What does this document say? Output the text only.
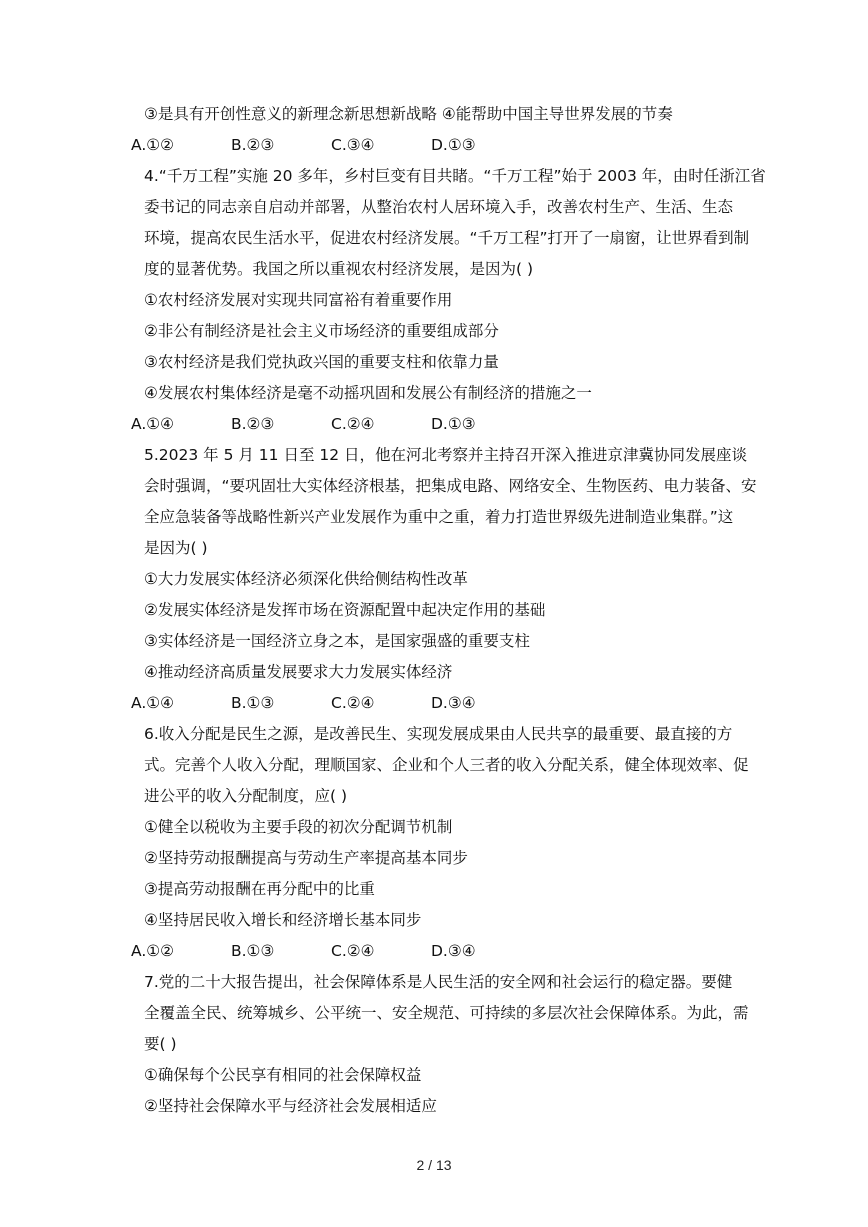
③是具有开创性意义的新理念新思想新战略 ④能帮助中国主导世界发展的节奏
A.①②	B.②③	C.③④	D.①③
4.“千万工程”实施 20 多年，乡村巨变有目共睹。“千万工程”始于 2003 年，由时任浙江省
委书记的同志亲自启动并部署，从整治农村人居环境入手，改善农村生产、生活、生态
环境，提高农民生活水平，促进农村经济发展。“千万工程”打开了一扇窗，让世界看到制
度的显著优势。我国之所以重视农村经济发展，是因为( )
①农村经济发展对实现共同富裕有着重要作用
②非公有制经济是社会主义市场经济的重要组成部分
③农村经济是我们党执政兴国的重要支柱和依靠力量
④发展农村集体经济是毫不动摇巩固和发展公有制经济的措施之一
A.①④	B.②③	C.②④	D.①③
5.2023 年 5 月 11 日至 12 日，他在河北考察并主持召开深入推进京津冀协同发展座谈
会时强调，“要巩固壮大实体经济根基，把集成电路、网络安全、生物医药、电力装备、安
全应急装备等战略性新兴产业发展作为重中之重，着力打造世界级先进制造业集群。”这
是因为( )
①大力发展实体经济必须深化供给侧结构性改革
②发展实体经济是发挥市场在资源配置中起决定作用的基础
③实体经济是一国经济立身之本，是国家强盛的重要支柱
④推动经济高质量发展要求大力发展实体经济
A.①④	B.①③	C.②④	D.③④
6.收入分配是民生之源，是改善民生、实现发展成果由人民共享的最重要、最直接的方
式。完善个人收入分配，理顺国家、企业和个人三者的收入分配关系，健全体现效率、促
进公平的收入分配制度，应( )
①健全以税收为主要手段的初次分配调节机制
②坚持劳动报酬提高与劳动生产率提高基本同步
③提高劳动报酬在再分配中的比重
④坚持居民收入增长和经济增长基本同步
A.①②	B.①③	C.②④	D.③④
7.党的二十大报告提出，社会保障体系是人民生活的安全网和社会运行的稳定器。要健
全覆盖全民、统筹城乡、公平统一、安全规范、可持续的多层次社会保障体系。为此，需
要( )
①确保每个公民享有相同的社会保障权益
②坚持社会保障水平与经济社会发展相适应
2 / 13
